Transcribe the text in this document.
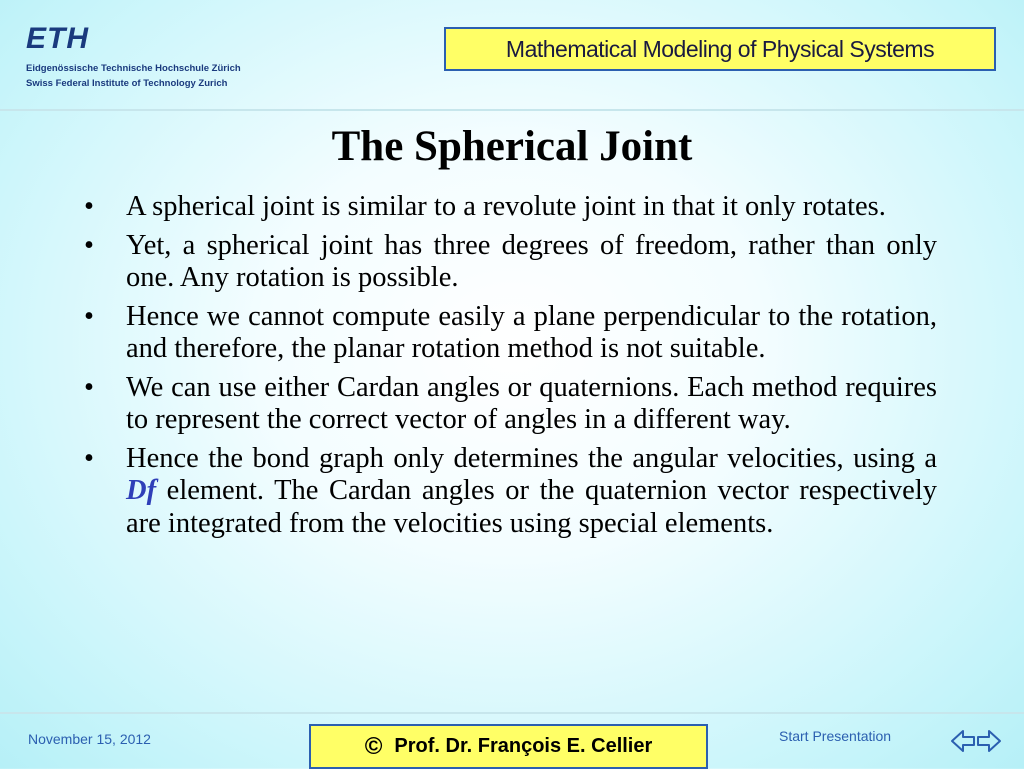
ETH
Eidgenössische Technische Hochschule Zürich
Swiss Federal Institute of Technology Zurich
Mathematical Modeling of Physical Systems
The Spherical Joint
• A spherical joint is similar to a revolute joint in that it only rotates.
• Yet, a spherical joint has three degrees of freedom, rather than only one. Any rotation is possible.
• Hence we cannot compute easily a plane perpendicular to the rotation, and therefore, the planar rotation method is not suitable.
• We can use either Cardan angles or quaternions. Each method requires to represent the correct vector of angles in a different way.
• Hence the bond graph only determines the angular velocities, using a Df element. The Cardan angles or the quaternion vector respectively are integrated from the velocities using special elements.
November 15, 2012	© Prof. Dr. François E. Cellier	Start Presentation
